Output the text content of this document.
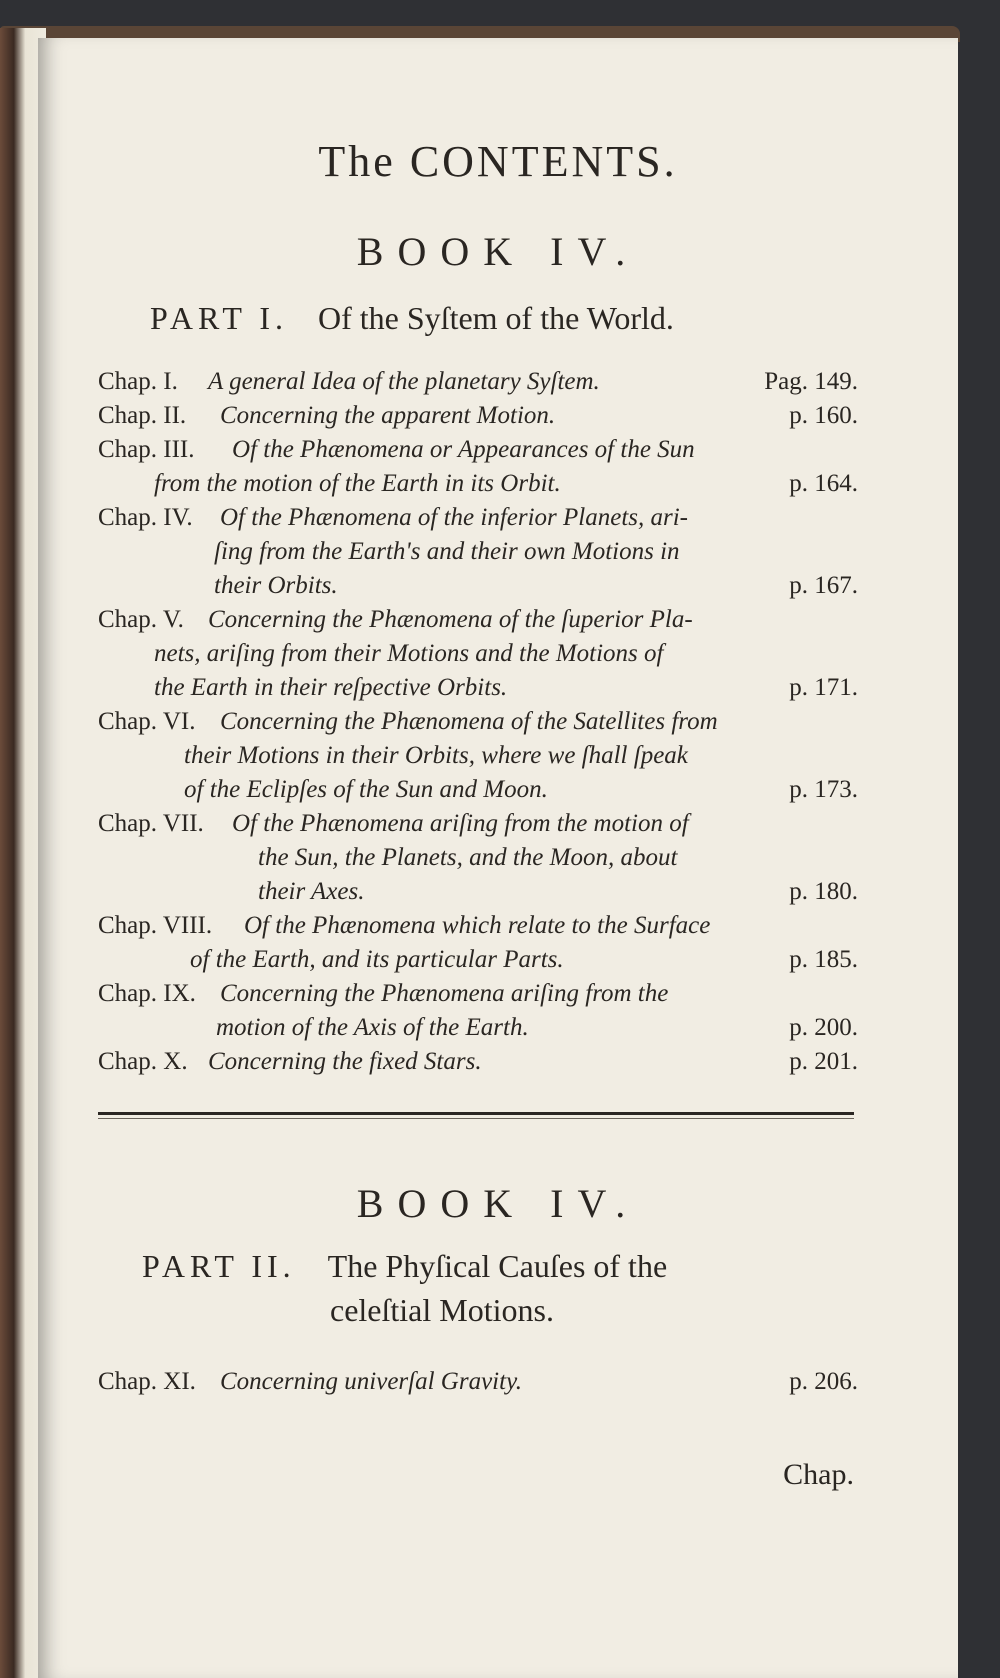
The CONTENTS.
BOOK IV.
PART I. Of the Syſtem of the World.
Chap. I. A general Idea of the planetary Syſtem.	Pag. 149.
Chap. II. Concerning the apparent Motion.	p. 160.
Chap. III. Of the Phænomena or Appearances of the Sun
from the motion of the Earth in its Orbit.	p. 164.
Chap. IV. Of the Phænomena of the inferior Planets, ari-
ſing from the Earth's and their own Motions in
their Orbits.	p. 167.
Chap. V. Concerning the Phænomena of the ſuperior Pla-
nets, ariſing from their Motions and the Motions of
the Earth in their reſpective Orbits.	p. 171.
Chap. VI. Concerning the Phænomena of the Satellites from
their Motions in their Orbits, where we ſhall ſpeak
of the Eclipſes of the Sun and Moon.	p. 173.
Chap. VII. Of the Phænomena ariſing from the motion of
the Sun, the Planets, and the Moon, about
their Axes.	p. 180.
Chap. VIII. Of the Phænomena which relate to the Surface
of the Earth, and its particular Parts.	p. 185.
Chap. IX. Concerning the Phænomena ariſing from the
motion of the Axis of the Earth.	p. 200.
Chap. X. Concerning the fixed Stars.	p. 201.
BOOK IV.
PART II. The Phyſical Cauſes of the
celeſtial Motions.
Chap. XI. Concerning univerſal Gravity.	p. 206.
Chap.
